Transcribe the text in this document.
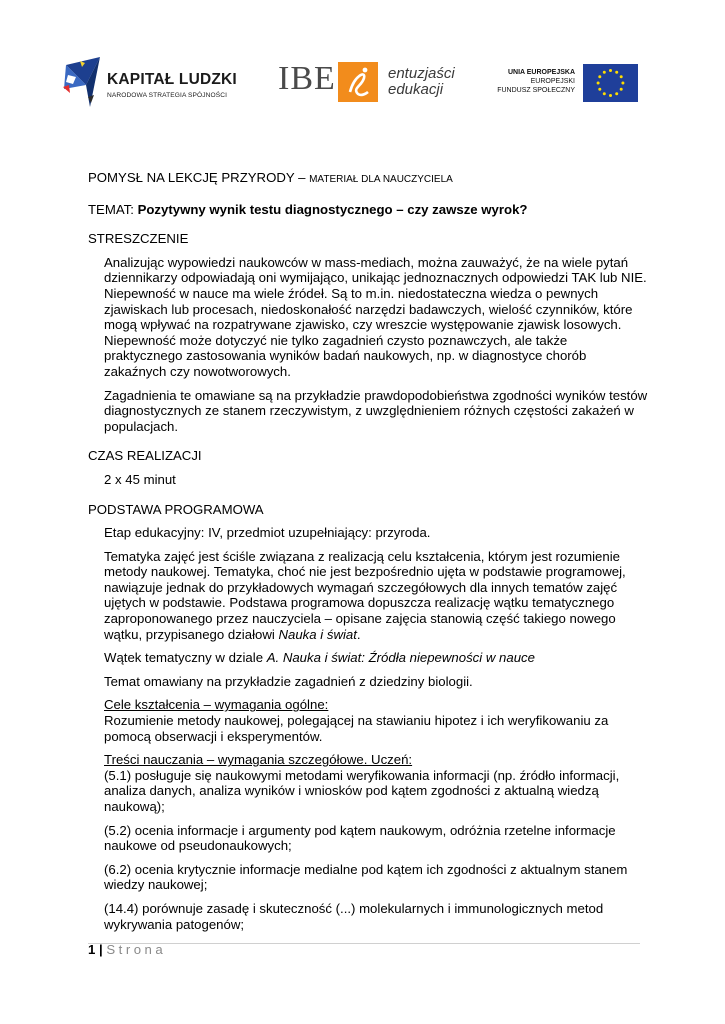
KAPITAŁ LUDZKI
NARODOWA STRATEGIA SPÓJNOŚCI IBE	entuzjaści
edukacji
UNIA EUROPEJSKA
EUROPEJSKI
FUNDUSZ SPOŁECZNY

POMYSŁ NA LEKCJĘ PRZYRODY – MATERIAŁ DLA NAUCZYCIELA

TEMAT: Pozytywny wynik testu diagnostycznego – czy zawsze wyrok?

STRESZCZENIE

Analizując wypowiedzi naukowców w mass-mediach, można zauważyć, że na wiele pytań dziennikarzy odpowiadają oni wymijająco, unikając jednoznacznych odpowiedzi TAK lub NIE. Niepewność w nauce ma wiele źródeł. Są to m.in. niedostateczna wiedza o pewnych zjawiskach lub procesach, niedoskonałość narzędzi badawczych, wielość czynników, które mogą wpływać na rozpatrywane zjawisko, czy wreszcie występowanie zjawisk losowych. Niepewność może dotyczyć nie tylko zagadnień czysto poznawczych, ale także praktycznego zastosowania wyników badań naukowych, np. w diagnostyce chorób zakaźnych czy nowotworowych.

Zagadnienia te omawiane są na przykładzie prawdopodobieństwa zgodności wyników testów diagnostycznych ze stanem rzeczywistym, z uwzględnieniem różnych częstości zakażeń w populacjach.

CZAS REALIZACJI

2 x 45 minut

PODSTAWA PROGRAMOWA

Etap edukacyjny: IV, przedmiot uzupełniający: przyroda.

Tematyka zajęć jest ściśle związana z realizacją celu kształcenia, którym jest rozumienie metody naukowej. Tematyka, choć nie jest bezpośrednio ujęta w podstawie programowej, nawiązuje jednak do przykładowych wymagań szczegółowych dla innych tematów zajęć ujętych w podstawie. Podstawa programowa dopuszcza realizację wątku tematycznego zaproponowanego przez nauczyciela – opisane zajęcia stanowią część takiego nowego wątku, przypisanego działowi Nauka i świat.

Wątek tematyczny w dziale A. Nauka i świat: Źródła niepewności w nauce

Temat omawiany na przykładzie zagadnień z dziedziny biologii.

Cele kształcenia – wymagania ogólne:

Rozumienie metody naukowej, polegającej na stawianiu hipotez i ich weryfikowaniu za pomocą obserwacji i eksperymentów.

Treści nauczania – wymagania szczegółowe. Uczeń:

(5.1) posługuje się naukowymi metodami weryfikowania informacji (np. źródło informacji, analiza danych, analiza wyników i wniosków pod kątem zgodności z aktualną wiedzą naukową);

(5.2) ocenia informacje i argumenty pod kątem naukowym, odróżnia rzetelne informacje naukowe od pseudonaukowych;

(6.2) ocenia krytycznie informacje medialne pod kątem ich zgodności z aktualnym stanem wiedzy naukowej;

(14.4) porównuje zasadę i skuteczność (...) molekularnych i immunologicznych metod wykrywania patogenów;

1 | Strona
